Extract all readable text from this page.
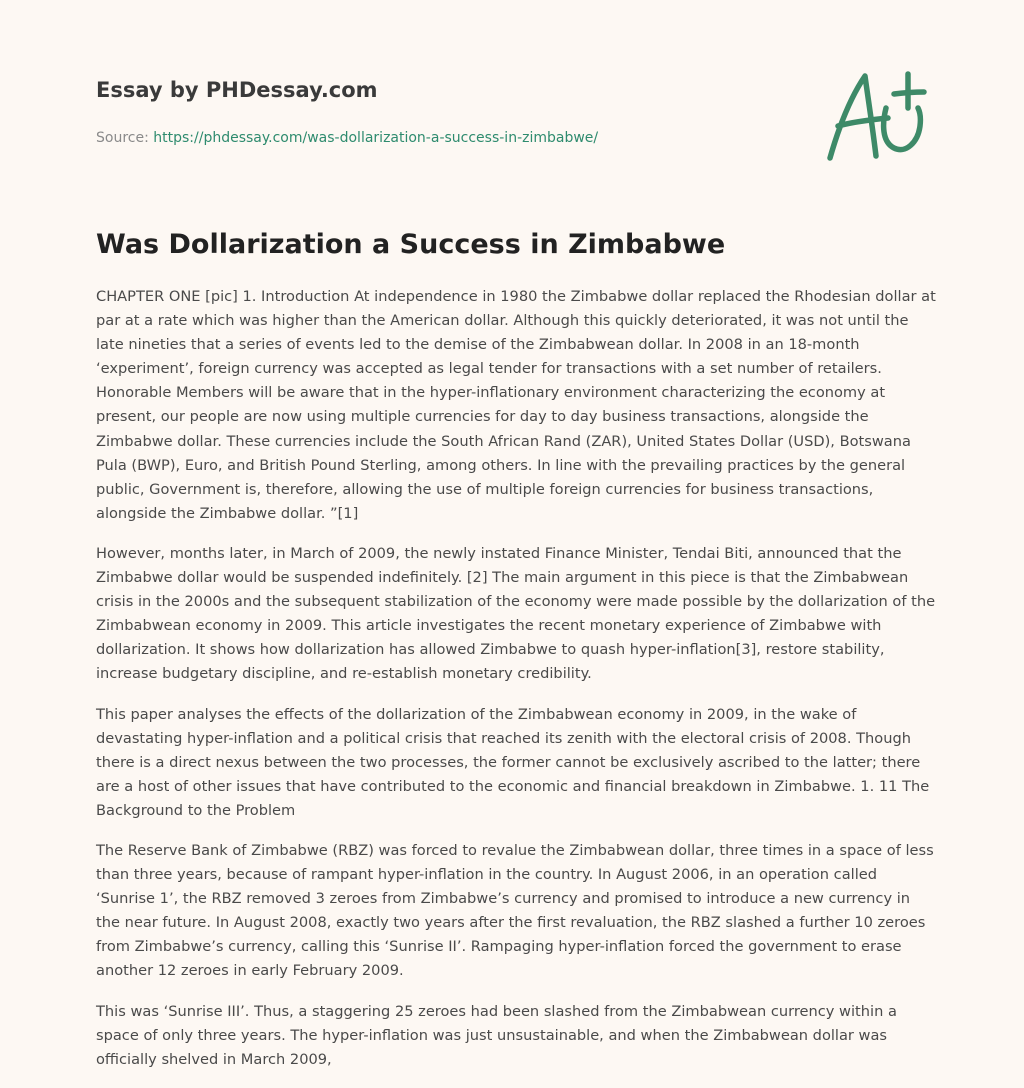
Essay by PHDessay.com
Source: https://phdessay.com/was-dollarization-a-success-in-zimbabwe/
Was Dollarization a Success in Zimbabwe

CHAPTER ONE [pic] 1. Introduction At independence in 1980 the Zimbabwe dollar replaced the Rhodesian dollar at par at a rate which was higher than the American dollar. Although this quickly deteriorated, it was not until the late nineties that a series of events led to the demise of the Zimbabwean dollar. In 2008 in an 18-month ‘experiment’, foreign currency was accepted as legal tender for transactions with a set number of retailers. Honorable Members will be aware that in the hyper-inflationary environment characterizing the economy at present, our people are now using multiple currencies for day to day business transactions, alongside the Zimbabwe dollar. These currencies include the South African Rand (ZAR), United States Dollar (USD), Botswana Pula (BWP), Euro, and British Pound Sterling, among others. In line with the prevailing practices by the general public, Government is, therefore, allowing the use of multiple foreign currencies for business transactions, alongside the Zimbabwe dollar. ”[1]

However, months later, in March of 2009, the newly instated Finance Minister, Tendai Biti, announced that the Zimbabwe dollar would be suspended indefinitely. [2] The main argument in this piece is that the Zimbabwean crisis in the 2000s and the subsequent stabilization of the economy were made possible by the dollarization of the Zimbabwean economy in 2009. This article investigates the recent monetary experience of Zimbabwe with dollarization. It shows how dollarization has allowed Zimbabwe to quash hyper-inflation[3], restore stability, increase budgetary discipline, and re-establish monetary credibility.

This paper analyses the effects of the dollarization of the Zimbabwean economy in 2009, in the wake of devastating hyper-inflation and a political crisis that reached its zenith with the electoral crisis of 2008. Though there is a direct nexus between the two processes, the former cannot be exclusively ascribed to the latter; there are a host of other issues that have contributed to the economic and financial breakdown in Zimbabwe. 1. 11 The Background to the Problem

The Reserve Bank of Zimbabwe (RBZ) was forced to revalue the Zimbabwean dollar, three times in a space of less than three years, because of rampant hyper-inflation in the country. In August 2006, in an operation called ‘Sunrise 1’, the RBZ removed 3 zeroes from Zimbabwe’s currency and promised to introduce a new currency in the near future. In August 2008, exactly two years after the first revaluation, the RBZ slashed a further 10 zeroes from Zimbabwe’s currency, calling this ‘Sunrise II’. Rampaging hyper-inflation forced the government to erase another 12 zeroes in early February 2009.

This was ‘Sunrise III’. Thus, a staggering 25 zeroes had been slashed from the Zimbabwean currency within a space of only three years. The hyper-inflation was just unsustainable, and when the Zimbabwean dollar was officially shelved in March 2009,
